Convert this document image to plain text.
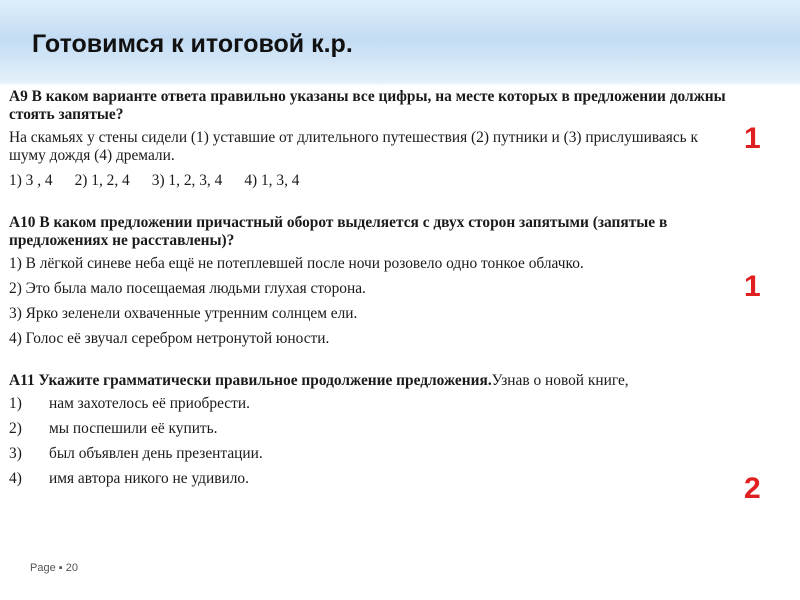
Готовимся к итоговой к.р.
А9 В каком варианте ответа правильно указаны все цифры, на месте которых в предложении должны стоять запятые?
На скамьях у стены сидели (1) уставшие от длительного путешествия (2) путники и (3) прислушиваясь к шуму дождя (4) дремали.
1) 3 , 4 2) 1, 2, 4 3) 1, 2, 3, 4 4) 1, 3, 4
А10 В каком предложении причастный оборот выделяется с двух сторон запятыми (запятые в предложениях не расставлены)?
1) В лёгкой синеве неба ещё не потеплевшей после ночи розовело одно тонкое облачко.
2) Это была мало посещаемая людьми глухая сторона.
3) Ярко зеленели охваченные утренним солнцем ели.
4) Голос её звучал серебром нетронутой юности.
А11 Укажите грамматически правильное продолжение предложения.Узнав о новой книге,
1)	нам захотелось её приобрести.
2)	мы поспешили её купить.
3)	был объявлен день презентации.
4)	имя автора никого не удивило.
1
1
2
Page ▪ 20
